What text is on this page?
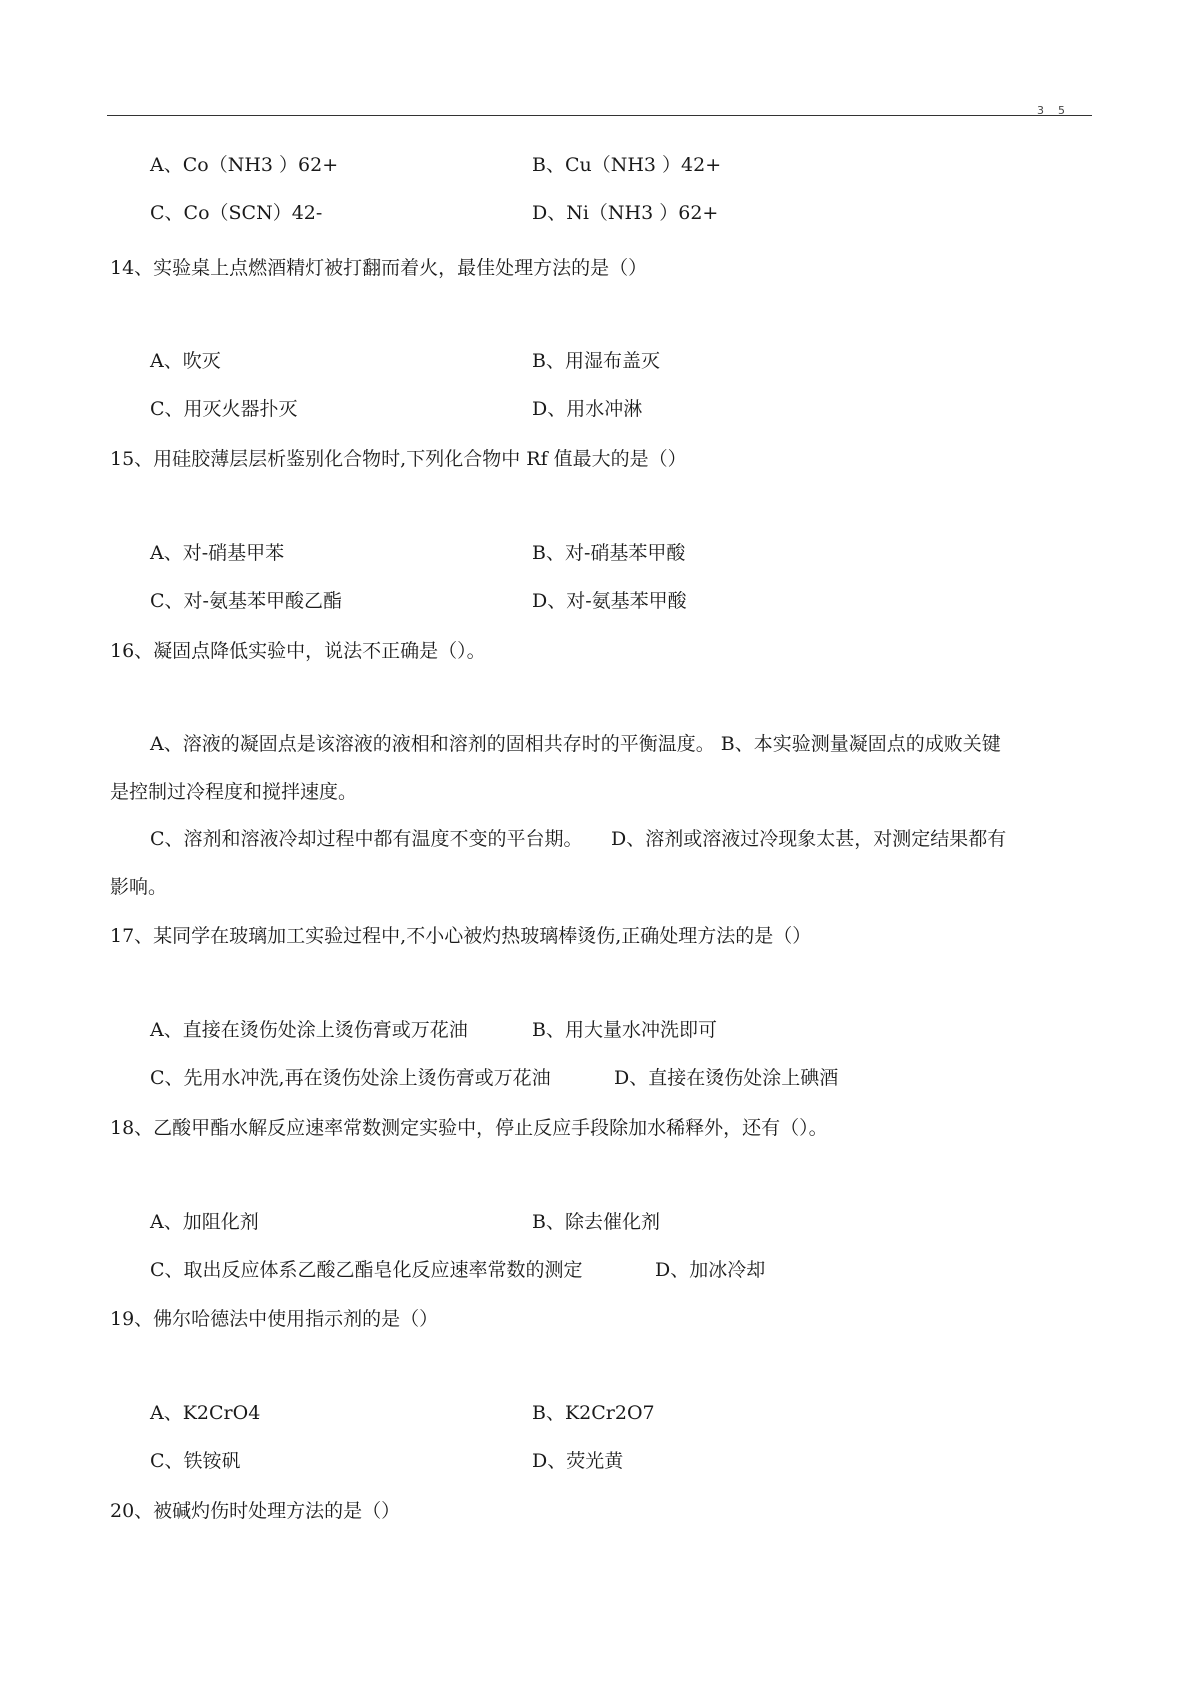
3 5
A、Co（NH3 ）62+	B、Cu（NH3 ）42+
C、Co（SCN）42-	D、Ni（NH3 ）62+
14、实验桌上点燃酒精灯被打翻而着火，最佳处理方法的是（）
A、吹灭	B、用湿布盖灭
C、用灭火器扑灭	D、用水冲淋
15、用硅胶薄层层析鉴别化合物时,下列化合物中 Rf 值最大的是（）
A、对-硝基甲苯	B、对-硝基苯甲酸
C、对-氨基苯甲酸乙酯	D、对-氨基苯甲酸
16、凝固点降低实验中，说法不正确是（）。
A、溶液的凝固点是该溶液的液相和溶剂的固相共存时的平衡温度。 B、本实验测量凝固点的成败关键
是控制过冷程度和搅拌速度。
C、溶剂和溶液冷却过程中都有温度不变的平台期。　　D、溶剂或溶液过冷现象太甚，对测定结果都有
影响。
17、某同学在玻璃加工实验过程中,不小心被灼热玻璃棒烫伤,正确处理方法的是（）
A、直接在烫伤处涂上烫伤膏或万花油	B、用大量水冲洗即可
C、先用水冲洗,再在烫伤处涂上烫伤膏或万花油	D、直接在烫伤处涂上碘酒
18、乙酸甲酯水解反应速率常数测定实验中，停止反应手段除加水稀释外，还有（）。
A、加阻化剂	B、除去催化剂
C、取出反应体系乙酸乙酯皂化反应速率常数的测定	D、加冰冷却
19、佛尔哈德法中使用指示剂的是（）
A、K2CrO4	B、K2Cr2O7
C、铁铵矾	D、荧光黄
20、被碱灼伤时处理方法的是（）
